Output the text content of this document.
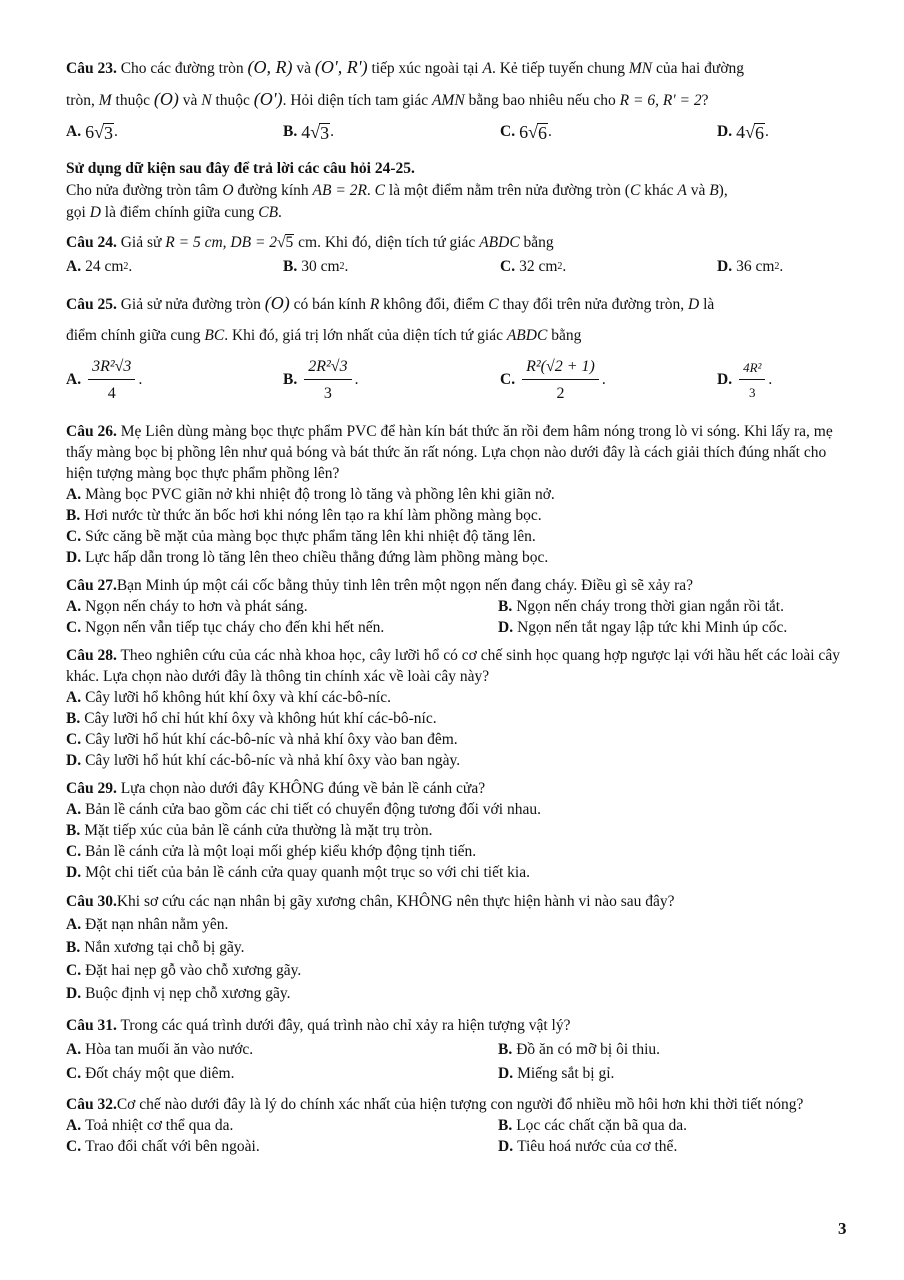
Câu 23. Cho các đường tròn (O, R) và (O', R') tiếp xúc ngoài tại A. Kẻ tiếp tuyến chung MN của hai đường
tròn, M thuộc (O) và N thuộc (O'). Hỏi diện tích tam giác AMN bằng bao nhiêu nếu cho R = 6, R' = 2?

A. 6 √ 3 .	B. 4 √ 3 .	C. 6 √ 6 .	D. 4 √ 6 .

Sử dụng dữ kiện sau đây để trả lời các câu hỏi 24-25.

Cho nửa đường tròn tâm O đường kính AB = 2R. C là một điểm nằm trên nửa đường tròn (C khác A và B),
gọi D là điểm chính giữa cung CB.

Câu 24. Giả sử R = 5 cm, DB = 2√5 cm. Khi đó, diện tích tứ giác ABDC bằng

A. 24 cm 2 .	B. 30 cm 2 .	C. 32 cm 2 .	D. 36 cm 2 .

Câu 25. Giả sử nửa đường tròn (O) có bán kính R không đổi, điểm C thay đổi trên nửa đường tròn, D là
điểm chính giữa cung BC. Khi đó, giá trị lớn nhất của diện tích tứ giác ABDC bằng

A. $\frac{\text{3R²√3}}{4}$ .	B. $\frac{\text{2R²√3}}{3}$ .	C. $\frac{\text{R²(√2 + 1)}}{2}$ .	D. $\frac{\text{4R²}}{3}$ .

Câu 26. Mẹ Liên dùng màng bọc thực phẩm PVC để hàn kín bát thức ăn rồi đem hâm nóng trong lò vi sóng. Khi lấy ra, mẹ thấy màng bọc bị phồng lên như quả bóng và bát thức ăn rất nóng. Lựa chọn nào dưới đây là cách giải thích đúng nhất cho hiện tượng màng bọc thực phẩm phồng lên?

A. Màng bọc PVC giãn nở khi nhiệt độ trong lò tăng và phồng lên khi giãn nở.

B. Hơi nước từ thức ăn bốc hơi khi nóng lên tạo ra khí làm phồng màng bọc.

C. Sức căng bề mặt của màng bọc thực phẩm tăng lên khi nhiệt độ tăng lên.

D. Lực hấp dẫn trong lò tăng lên theo chiều thẳng đứng làm phồng màng bọc.

Câu 27.Bạn Minh úp một cái cốc bằng thủy tinh lên trên một ngọn nến đang cháy. Điều gì sẽ xảy ra?

A. Ngọn nến cháy to hơn và phát sáng.	B. Ngọn nến cháy trong thời gian ngắn rồi tắt.
C. Ngọn nến vẫn tiếp tục cháy cho đến khi hết nến.	D. Ngọn nến tắt ngay lập tức khi Minh úp cốc.

Câu 28. Theo nghiên cứu của các nhà khoa học, cây lưỡi hổ có cơ chế sinh học quang hợp ngược lại với hầu hết các loài cây khác. Lựa chọn nào dưới đây là thông tin chính xác về loài cây này?

A. Cây lưỡi hổ không hút khí ôxy và khí các-bô-níc.

B. Cây lưỡi hổ chỉ hút khí ôxy và không hút khí các-bô-níc.

C. Cây lưỡi hổ hút khí các-bô-níc và nhả khí ôxy vào ban đêm.

D. Cây lưỡi hổ hút khí các-bô-níc và nhả khí ôxy vào ban ngày.

Câu 29. Lựa chọn nào dưới đây KHÔNG đúng về bản lề cánh cửa?

A. Bản lề cánh cửa bao gồm các chi tiết có chuyển động tương đối với nhau.

B. Mặt tiếp xúc của bản lề cánh cửa thường là mặt trụ tròn.

C. Bản lề cánh cửa là một loại mối ghép kiểu khớp động tịnh tiến.

D. Một chi tiết của bản lề cánh cửa quay quanh một trục so với chi tiết kia.

Câu 30.Khi sơ cứu các nạn nhân bị gãy xương chân, KHÔNG nên thực hiện hành vi nào sau đây?

A. Đặt nạn nhân nằm yên.

B. Nắn xương tại chỗ bị gãy.

C. Đặt hai nẹp gỗ vào chỗ xương gãy.

D. Buộc định vị nẹp chỗ xương gãy.

Câu 31. Trong các quá trình dưới đây, quá trình nào chỉ xảy ra hiện tượng vật lý?

A. Hòa tan muối ăn vào nước.	B. Đồ ăn có mỡ bị ôi thiu.
C. Đốt cháy một que diêm.	D. Miếng sắt bị gỉ.

Câu 32.Cơ chế nào dưới đây là lý do chính xác nhất của hiện tượng con người đổ nhiều mồ hôi hơn khi thời tiết nóng?

A. Toả nhiệt cơ thể qua da.	B. Lọc các chất cặn bã qua da.
C. Trao đổi chất với bên ngoài.	D. Tiêu hoá nước của cơ thể.
3
